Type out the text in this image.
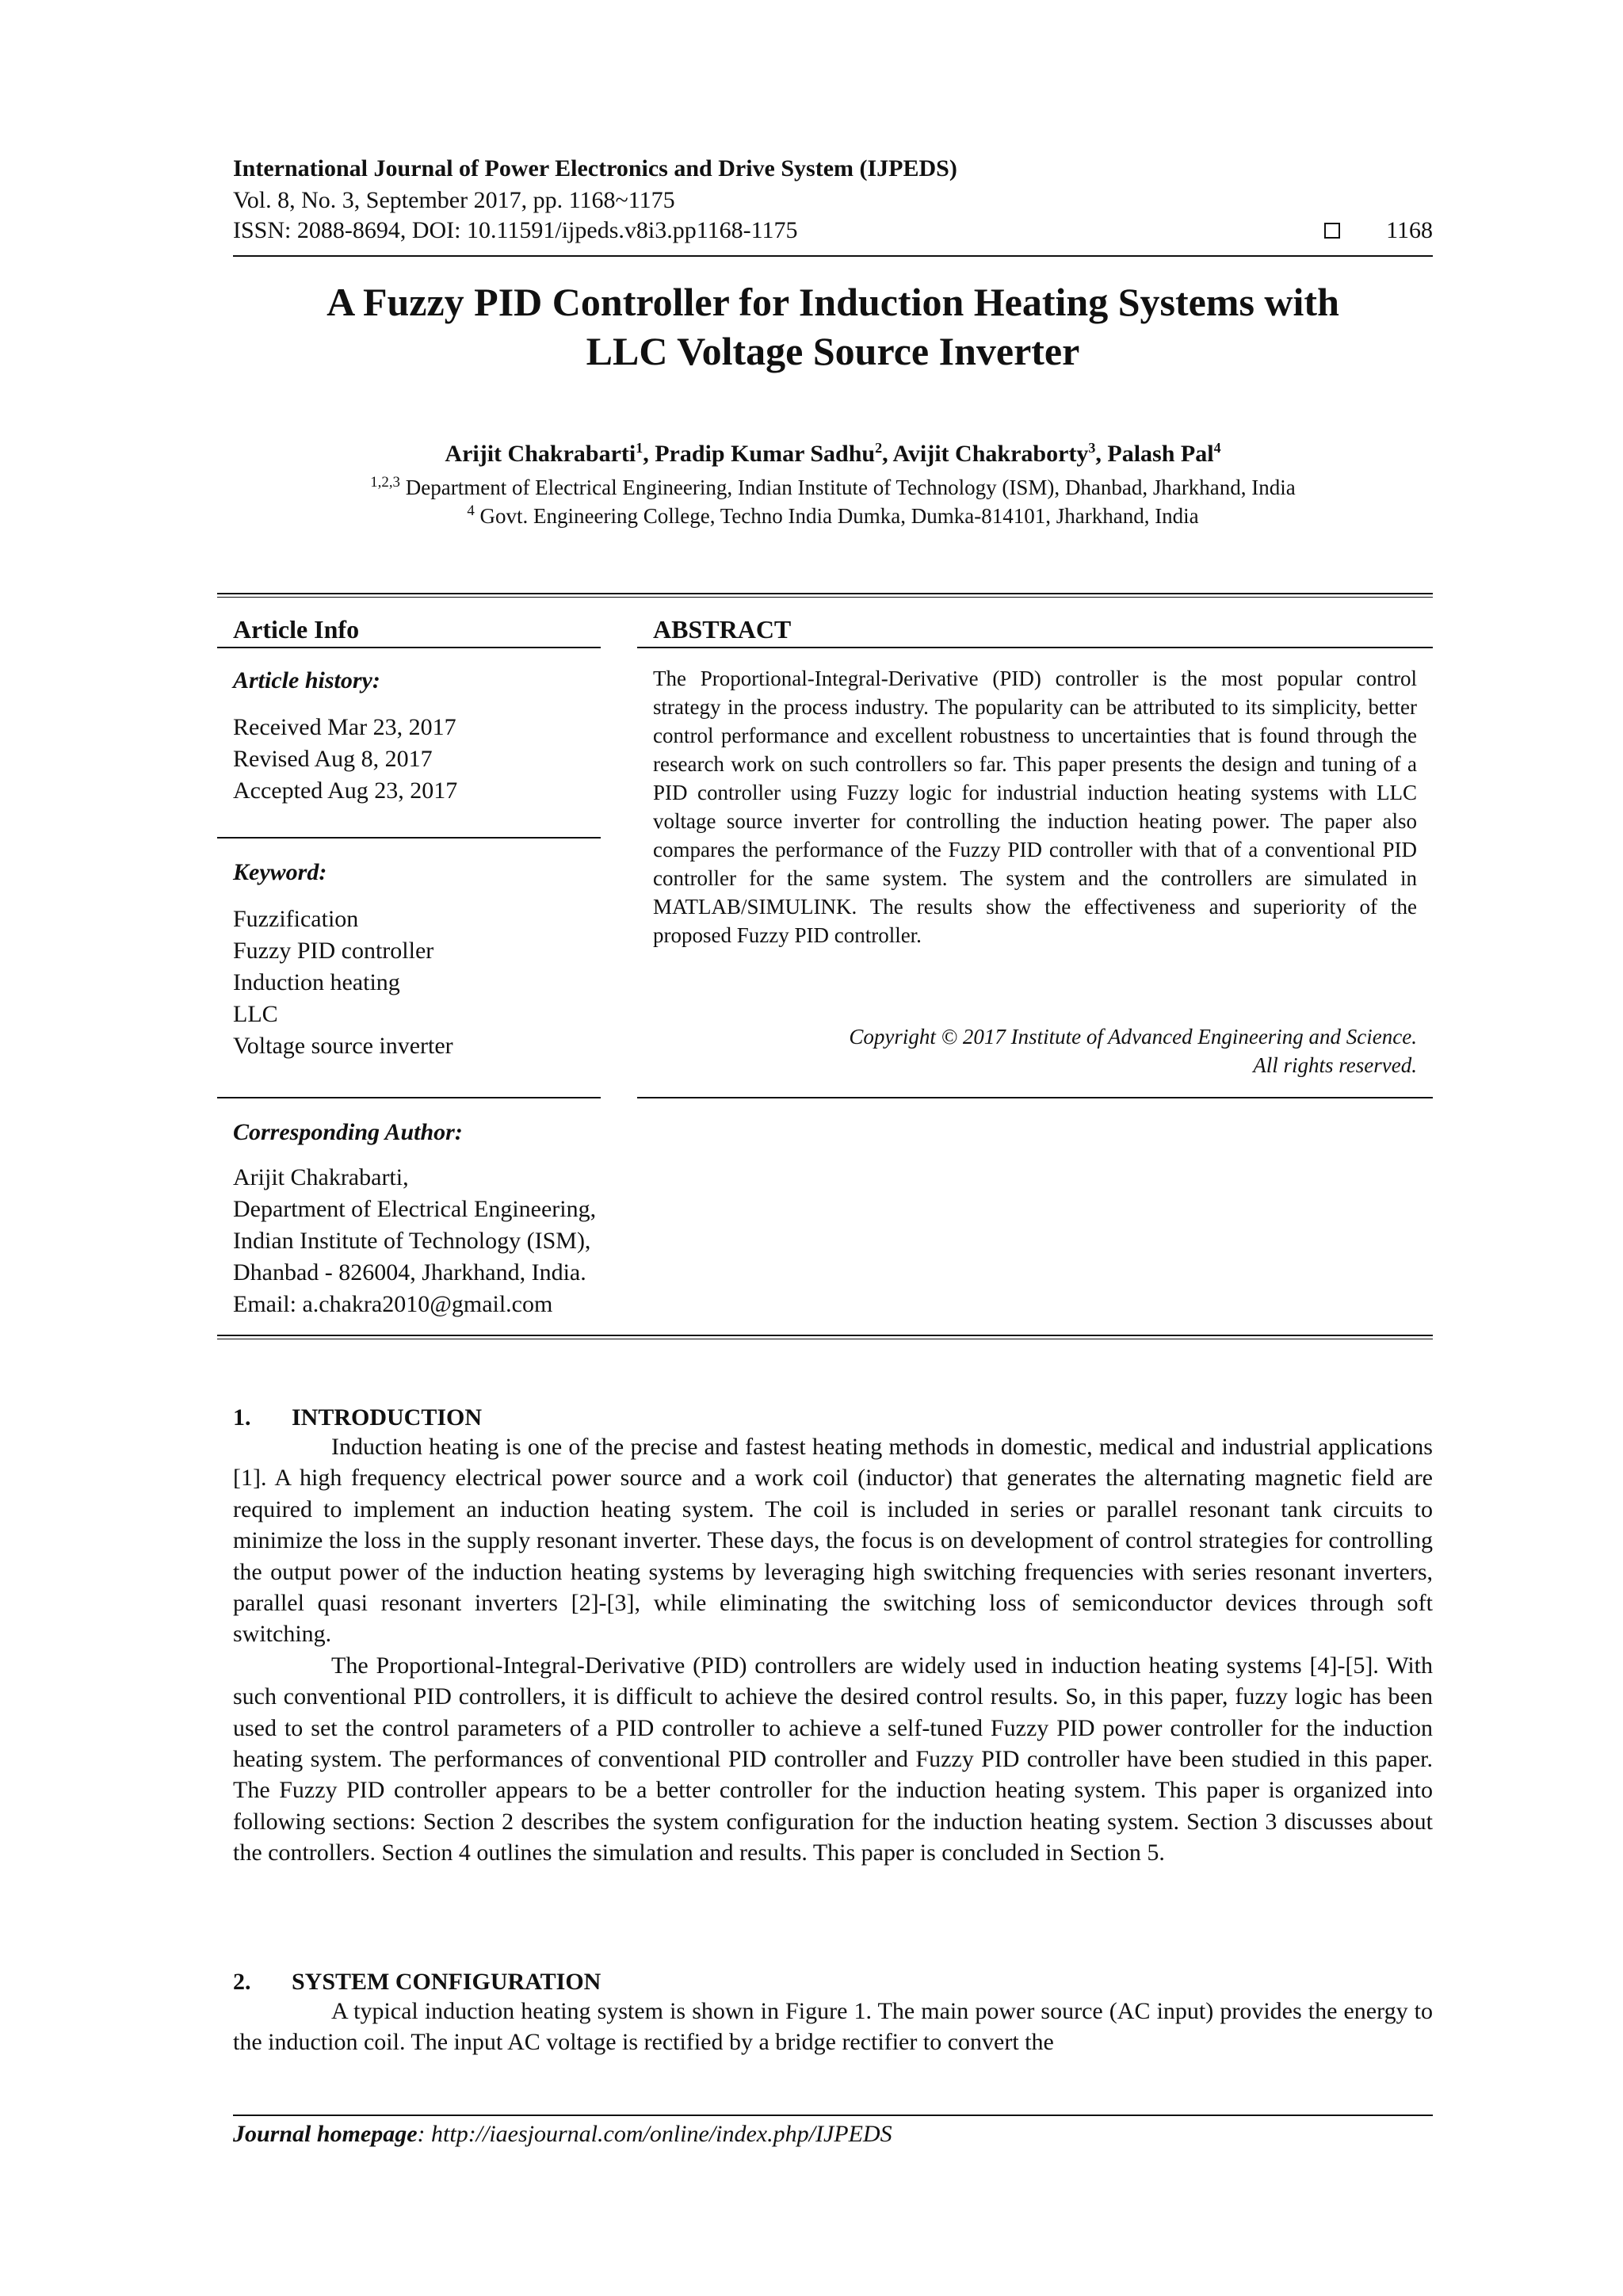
International Journal of Power Electronics and Drive System (IJPEDS)
Vol. 8, No. 3, September 2017, pp. 1168~1175
ISSN: 2088-8694, DOI: 10.11591/ijpeds.v8i3.pp1168-1175	1168
A Fuzzy PID Controller for Induction Heating Systems with
LLC Voltage Source Inverter
Arijit Chakrabarti$^1$, Pradip Kumar Sadhu$^2$, Avijit Chakraborty$^3$, Palash Pal$^4$
$^{1,2,3}$ Department of Electrical Engineering, Indian Institute of Technology (ISM), Dhanbad, Jharkhand, India
$^4$ Govt. Engineering College, Techno India Dumka, Dumka-814101, Jharkhand, India
Article Info	ABSTRACT
Article history:
Received Mar 23, 2017
Revised Aug 8, 2017
Accepted Aug 23, 2017
Keyword:
Fuzzification
Fuzzy PID controller
Induction heating
LLC
Voltage source inverter
The Proportional-Integral-Derivative (PID) controller is the most popular control strategy in the process industry. The popularity can be attributed to its simplicity, better control performance and excellent robustness to uncertainties that is found through the research work on such controllers so far. This paper presents the design and tuning of a PID controller using Fuzzy logic for industrial induction heating systems with LLC voltage source inverter for controlling the induction heating power. The paper also compares the performance of the Fuzzy PID controller with that of a conventional PID controller for the same system. The system and the controllers are simulated in MATLAB/SIMULINK. The results show the effectiveness and superiority of the proposed Fuzzy PID controller.
Copyright © 2017 Institute of Advanced Engineering and Science.
All rights reserved.
Corresponding Author:
Arijit Chakrabarti,
Department of Electrical Engineering,
Indian Institute of Technology (ISM),
Dhanbad - 826004, Jharkhand, India.
Email: a.chakra2010@gmail.com
1. INTRODUCTION

Induction heating is one of the precise and fastest heating methods in domestic, medical and industrial applications [1]. A high frequency electrical power source and a work coil (inductor) that generates the alternating magnetic field are required to implement an induction heating system. The coil is included in series or parallel resonant tank circuits to minimize the loss in the supply resonant inverter. These days, the focus is on development of control strategies for controlling the output power of the induction heating systems by leveraging high switching frequencies with series resonant inverters, parallel quasi resonant inverters [2]-[3], while eliminating the switching loss of semiconductor devices through soft switching.

The Proportional-Integral-Derivative (PID) controllers are widely used in induction heating systems [4]-[5]. With such conventional PID controllers, it is difficult to achieve the desired control results. So, in this paper, fuzzy logic has been used to set the control parameters of a PID controller to achieve a self-tuned Fuzzy PID power controller for the induction heating system. The performances of conventional PID controller and Fuzzy PID controller have been studied in this paper. The Fuzzy PID controller appears to be a better controller for the induction heating system. This paper is organized into following sections: Section 2 describes the system configuration for the induction heating system. Section 3 discusses about the controllers. Section 4 outlines the simulation and results. This paper is concluded in Section 5.

2. SYSTEM CONFIGURATION

A typical induction heating system is shown in Figure 1. The main power source (AC input) provides the energy to the induction coil. The input AC voltage is rectified by a bridge rectifier to convert the

Journal homepage: http://iaesjournal.com/online/index.php/IJPEDS
